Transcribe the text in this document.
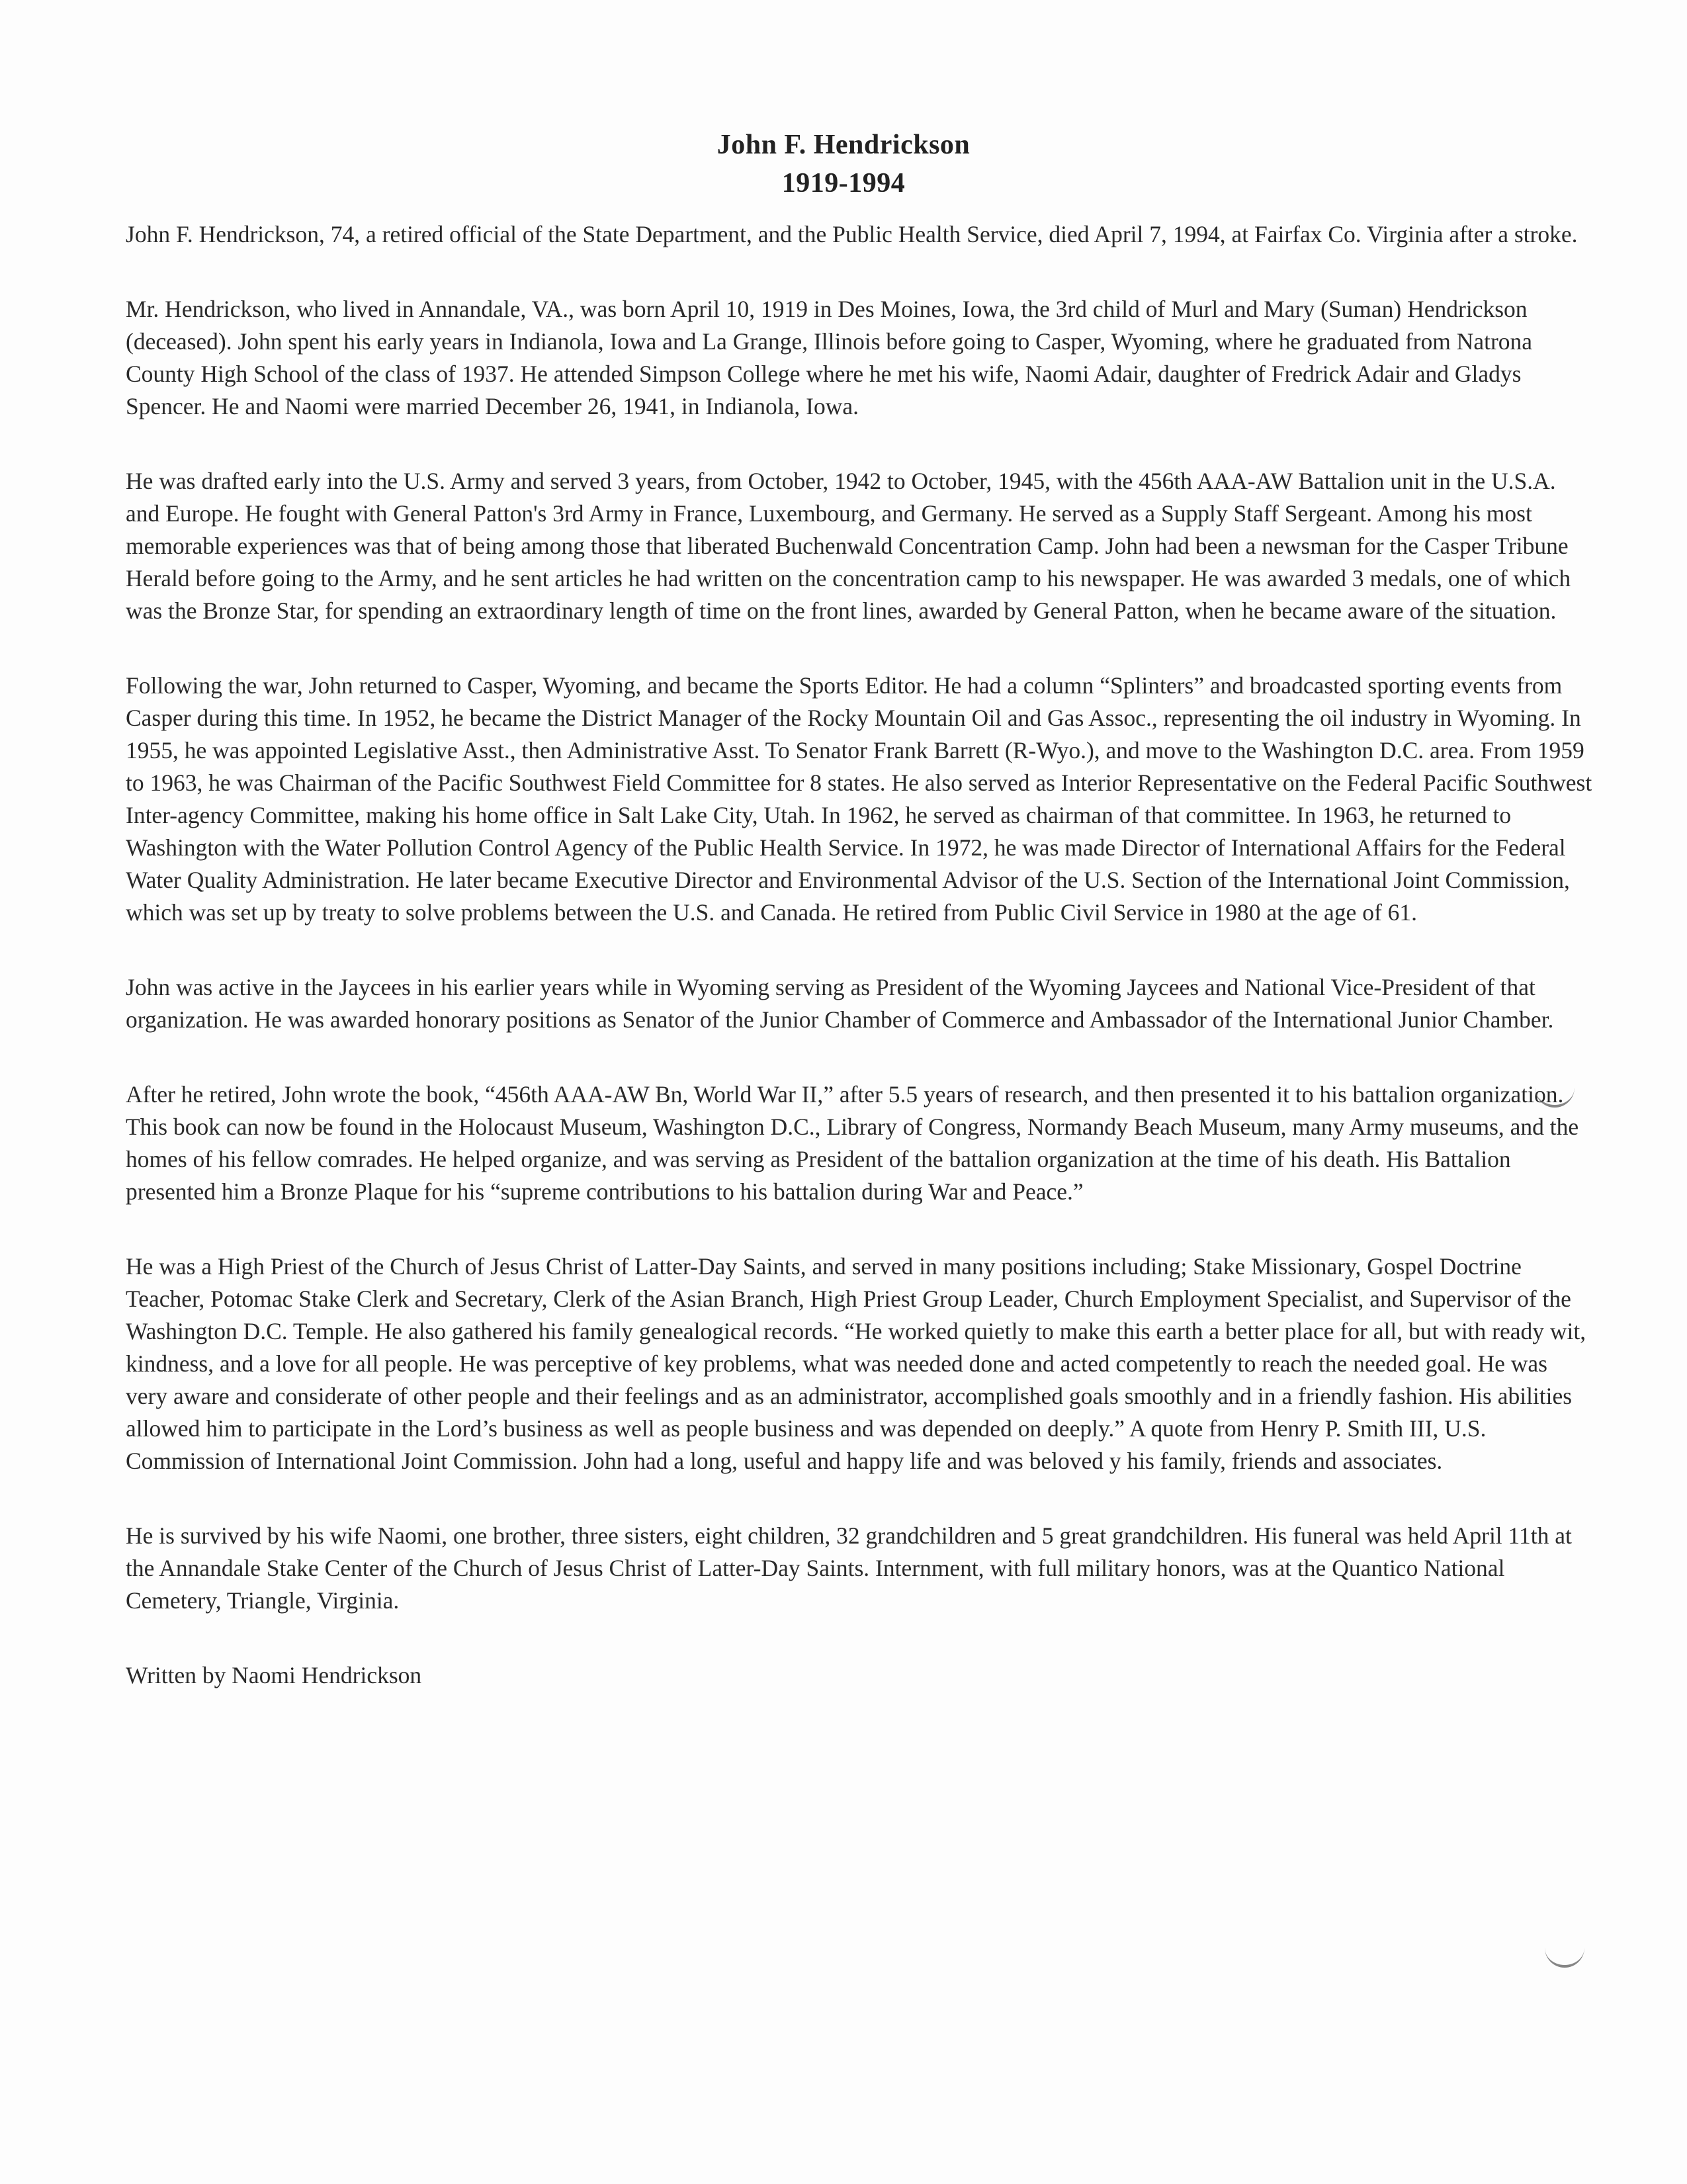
John F. Hendrickson
1919-1994

John F. Hendrickson, 74, a retired official of the State Department, and the Public Health Service, died April 7, 1994, at Fairfax Co. Virginia after a stroke.

Mr. Hendrickson, who lived in Annandale, VA., was born April 10, 1919 in Des Moines, Iowa, the 3rd child of Murl and Mary (Suman) Hendrickson (deceased). John spent his early years in Indianola, Iowa and La Grange, Illinois before going to Casper, Wyoming, where he graduated from Natrona County High School of the class of 1937. He attended Simpson College where he met his wife, Naomi Adair, daughter of Fredrick Adair and Gladys Spencer. He and Naomi were married December 26, 1941, in Indianola, Iowa.

He was drafted early into the U.S. Army and served 3 years, from October, 1942 to October, 1945, with the 456th AAA-AW Battalion unit in the U.S.A. and Europe. He fought with General Patton's 3rd Army in France, Luxembourg, and Germany. He served as a Supply Staff Sergeant. Among his most memorable experiences was that of being among those that liberated Buchenwald Concentration Camp. John had been a newsman for the Casper Tribune Herald before going to the Army, and he sent articles he had written on the concentration camp to his newspaper. He was awarded 3 medals, one of which was the Bronze Star, for spending an extraordinary length of time on the front lines, awarded by General Patton, when he became aware of the situation.

Following the war, John returned to Casper, Wyoming, and became the Sports Editor. He had a column “Splinters” and broadcasted sporting events from Casper during this time. In 1952, he became the District Manager of the Rocky Mountain Oil and Gas Assoc., representing the oil industry in Wyoming. In 1955, he was appointed Legislative Asst., then Administrative Asst. To Senator Frank Barrett (R-Wyo.), and move to the Washington D.C. area. From 1959 to 1963, he was Chairman of the Pacific Southwest Field Committee for 8 states. He also served as Interior Representative on the Federal Pacific Southwest Inter-agency Committee, making his home office in Salt Lake City, Utah. In 1962, he served as chairman of that committee. In 1963, he returned to Washington with the Water Pollution Control Agency of the Public Health Service. In 1972, he was made Director of International Affairs for the Federal Water Quality Administration. He later became Executive Director and Environmental Advisor of the U.S. Section of the International Joint Commission, which was set up by treaty to solve problems between the U.S. and Canada. He retired from Public Civil Service in 1980 at the age of 61.

John was active in the Jaycees in his earlier years while in Wyoming serving as President of the Wyoming Jaycees and National Vice-President of that organization. He was awarded honorary positions as Senator of the Junior Chamber of Commerce and Ambassador of the International Junior Chamber.

After he retired, John wrote the book, “456th AAA-AW Bn, World War II,” after 5.5 years of research, and then presented it to his battalion organization. This book can now be found in the Holocaust Museum, Washington D.C., Library of Congress, Normandy Beach Museum, many Army museums, and the homes of his fellow comrades. He helped organize, and was serving as President of the battalion organization at the time of his death. His Battalion presented him a Bronze Plaque for his “supreme contributions to his battalion during War and Peace.”

He was a High Priest of the Church of Jesus Christ of Latter-Day Saints, and served in many positions including; Stake Missionary, Gospel Doctrine Teacher, Potomac Stake Clerk and Secretary, Clerk of the Asian Branch, High Priest Group Leader, Church Employment Specialist, and Supervisor of the Washington D.C. Temple. He also gathered his family genealogical records. “He worked quietly to make this earth a better place for all, but with ready wit, kindness, and a love for all people. He was perceptive of key problems, what was needed done and acted competently to reach the needed goal. He was very aware and considerate of other people and their feelings and as an administrator, accomplished goals smoothly and in a friendly fashion. His abilities allowed him to participate in the Lord’s business as well as people business and was depended on deeply.” A quote from Henry P. Smith III, U.S. Commission of International Joint Commission. John had a long, useful and happy life and was beloved y his family, friends and associates.

He is survived by his wife Naomi, one brother, three sisters, eight children, 32 grandchildren and 5 great grandchildren. His funeral was held April 11th at the Annandale Stake Center of the Church of Jesus Christ of Latter-Day Saints. Internment, with full military honors, was at the Quantico National Cemetery, Triangle, Virginia.

Written by Naomi Hendrickson
